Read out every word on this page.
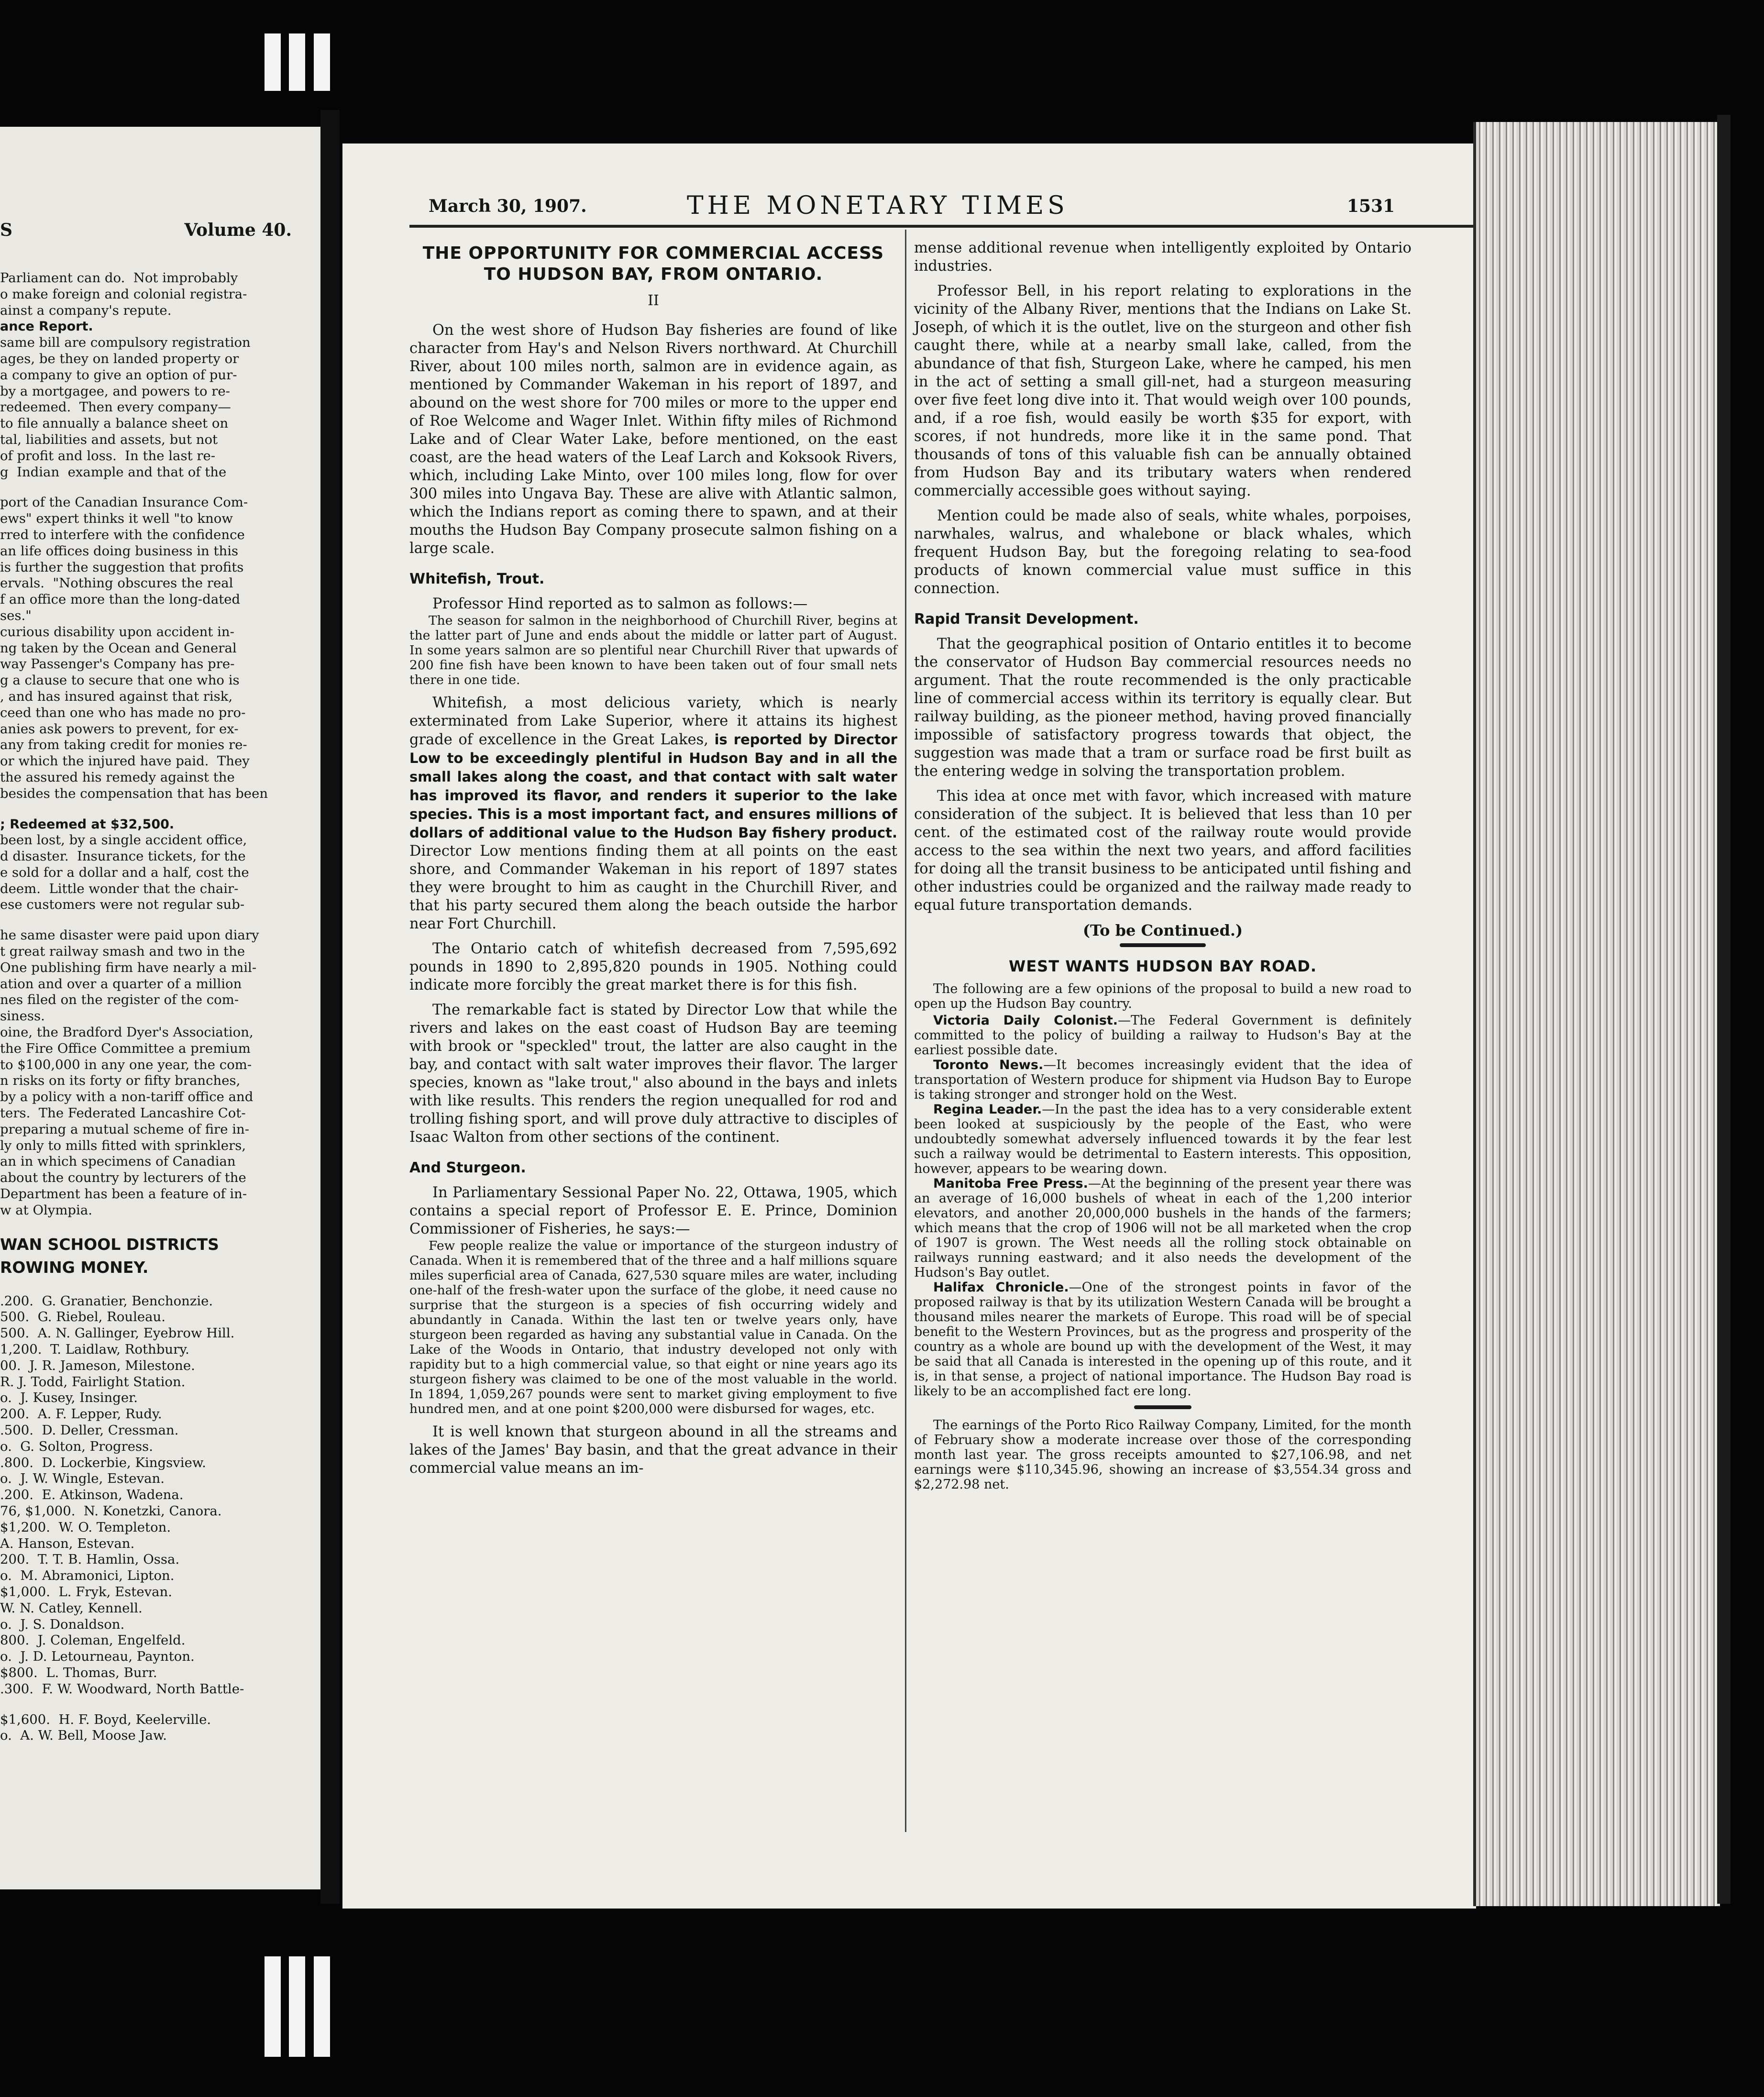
S	Volume 40.
Parliament can do.  Not improbably
o make foreign and colonial registra-
ainst a company's repute.
ance Report.
same bill are compulsory registration
ages, be they on landed property or
a company to give an option of pur-
by a mortgagee, and powers to re-
redeemed.  Then every company—
to file annually a balance sheet on
tal, liabilities and assets, but not
of profit and loss.  In the last re-
g  Indian  example and that of the
port of the Canadian Insurance Com-
ews" expert thinks it well "to know
rred to interfere with the confidence
an life offices doing business in this
is further the suggestion that profits
ervals.  "Nothing obscures the real
f an office more than the long-dated
ses."
curious disability upon accident in-
ng taken by the Ocean and General
way Passenger's Company has pre-
g a clause to secure that one who is
, and has insured against that risk,
ceed than one who has made no pro-
anies ask powers to prevent, for ex-
any from taking credit for monies re-
or which the injured have paid.  They
the assured his remedy against the
besides the compensation that has been
; Redeemed at $32,500.
been lost, by a single accident office,
d disaster.  Insurance tickets, for the
e sold for a dollar and a half, cost the
deem.  Little wonder that the chair-
ese customers were not regular sub-
he same disaster were paid upon diary
t great railway smash and two in the
One publishing firm have nearly a mil-
ation and over a quarter of a million
nes filed on the register of the com-
siness.
oine, the Bradford Dyer's Association,
the Fire Office Committee a premium
to $100,000 in any one year, the com-
n risks on its forty or fifty branches,
by a policy with a non-tariff office and
ters.  The Federated Lancashire Cot-
preparing a mutual scheme of fire in-
ly only to mills fitted with sprinklers,
an in which specimens of Canadian
about the country by lecturers of the
Department has been a feature of in-
w at Olympia.
WAN SCHOOL DISTRICTS
ROWING MONEY.
.200.  G. Granatier, Benchonzie.
500.  G. Riebel, Rouleau.
500.  A. N. Gallinger, Eyebrow Hill.
1,200.  T. Laidlaw, Rothbury.
00.  J. R. Jameson, Milestone.
R. J. Todd, Fairlight Station.
o.  J. Kusey, Insinger.
200.  A. F. Lepper, Rudy.
.500.  D. Deller, Cressman.
o.  G. Solton, Progress.
.800.  D. Lockerbie, Kingsview.
o.  J. W. Wingle, Estevan.
.200.  E. Atkinson, Wadena.
76, $1,000.  N. Konetzki, Canora.
$1,200.  W. O. Templeton.
A. Hanson, Estevan.
200.  T. T. B. Hamlin, Ossa.
o.  M. Abramonici, Lipton.
$1,000.  L. Fryk, Estevan.
W. N. Catley, Kennell.
o.  J. S. Donaldson.
800.  J. Coleman, Engelfeld.
o.  J. D. Letourneau, Paynton.
$800.  L. Thomas, Burr.
.300.  F. W. Woodward, North Battle-
$1,600.  H. F. Boyd, Keelerville.
o.  A. W. Bell, Moose Jaw.
March 30, 1907.	THE MONETARY TIMES	1531
THE OPPORTUNITY FOR COMMERCIAL ACCESS TO HUDSON BAY, FROM ONTARIO.
II

On the west shore of Hudson Bay fisheries are found of like character from Hay's and Nelson Rivers northward. At Churchill River, about 100 miles north, salmon are in evidence again, as mentioned by Commander Wakeman in his report of 1897, and abound on the west shore for 700 miles or more to the upper end of Roe Welcome and Wager Inlet. Within fifty miles of Richmond Lake and of Clear Water Lake, before mentioned, on the east coast, are the head waters of the Leaf Larch and Koksook Rivers, which, including Lake Minto, over 100 miles long, flow for over 300 miles into Ungava Bay. These are alive with Atlantic salmon, which the Indians report as coming there to spawn, and at their mouths the Hudson Bay Company prosecute salmon fishing on a large scale.

Whitefish, Trout.

Professor Hind reported as to salmon as follows:—

The season for salmon in the neighborhood of Churchill River, begins at the latter part of June and ends about the middle or latter part of August. In some years salmon are so plentiful near Churchill River that upwards of 200 fine fish have been known to have been taken out of four small nets there in one tide.

Whitefish, a most delicious variety, which is nearly exterminated from Lake Superior, where it attains its highest grade of excellence in the Great Lakes, is reported by Director Low to be exceedingly plentiful in Hudson Bay and in all the small lakes along the coast, and that contact with salt water has improved its flavor, and renders it superior to the lake species. This is a most important fact, and ensures millions of dollars of additional value to the Hudson Bay fishery product. Director Low mentions finding them at all points on the east shore, and Commander Wakeman in his report of 1897 states they were brought to him as caught in the Churchill River, and that his party secured them along the beach outside the harbor near Fort Churchill.

The Ontario catch of whitefish decreased from 7,595,692 pounds in 1890 to 2,895,820 pounds in 1905. Nothing could indicate more forcibly the great market there is for this fish.

The remarkable fact is stated by Director Low that while the rivers and lakes on the east coast of Hudson Bay are teeming with brook or "speckled" trout, the latter are also caught in the bay, and contact with salt water improves their flavor. The larger species, known as "lake trout," also abound in the bays and inlets with like results. This renders the region unequalled for rod and trolling fishing sport, and will prove duly attractive to disciples of Isaac Walton from other sections of the continent.

And Sturgeon.

In Parliamentary Sessional Paper No. 22, Ottawa, 1905, which contains a special report of Professor E. E. Prince, Dominion Commissioner of Fisheries, he says:—

Few people realize the value or importance of the sturgeon industry of Canada. When it is remembered that of the three and a half millions square miles superficial area of Canada, 627,530 square miles are water, including one-half of the fresh-water upon the surface of the globe, it need cause no surprise that the sturgeon is a species of fish occurring widely and abundantly in Canada. Within the last ten or twelve years only, have sturgeon been regarded as having any substantial value in Canada. On the Lake of the Woods in Ontario, that industry developed not only with rapidity but to a high commercial value, so that eight or nine years ago its sturgeon fishery was claimed to be one of the most valuable in the world. In 1894, 1,059,267 pounds were sent to market giving employment to five hundred men, and at one point $200,000 were disbursed for wages, etc.

It is well known that sturgeon abound in all the streams and lakes of the James' Bay basin, and that the great advance in their commercial value means an im-

mense additional revenue when intelligently exploited by Ontario industries.

Professor Bell, in his report relating to explorations in the vicinity of the Albany River, mentions that the Indians on Lake St. Joseph, of which it is the outlet, live on the sturgeon and other fish caught there, while at a nearby small lake, called, from the abundance of that fish, Sturgeon Lake, where he camped, his men in the act of setting a small gill-net, had a sturgeon measuring over five feet long dive into it. That would weigh over 100 pounds, and, if a roe fish, would easily be worth $35 for export, with scores, if not hundreds, more like it in the same pond. That thousands of tons of this valuable fish can be annually obtained from Hudson Bay and its tributary waters when rendered commercially accessible goes without saying.

Mention could be made also of seals, white whales, porpoises, narwhales, walrus, and whalebone or black whales, which frequent Hudson Bay, but the foregoing relating to sea-food products of known commercial value must suffice in this connection.

Rapid Transit Development.

That the geographical position of Ontario entitles it to become the conservator of Hudson Bay commercial resources needs no argument. That the route recommended is the only practicable line of commercial access within its territory is equally clear. But railway building, as the pioneer method, having proved financially impossible of satisfactory progress towards that object, the suggestion was made that a tram or surface road be first built as the entering wedge in solving the transportation problem.

This idea at once met with favor, which increased with mature consideration of the subject. It is believed that less than 10 per cent. of the estimated cost of the railway route would provide access to the sea within the next two years, and afford facilities for doing all the transit business to be anticipated until fishing and other industries could be organized and the railway made ready to equal future transportation demands.

(To be Continued.)
WEST WANTS HUDSON BAY ROAD.

The following are a few opinions of the proposal to build a new road to open up the Hudson Bay country.

Victoria Daily Colonist.—The Federal Government is definitely committed to the policy of building a railway to Hudson's Bay at the earliest possible date.

Toronto News.—It becomes increasingly evident that the idea of transportation of Western produce for shipment via Hudson Bay to Europe is taking stronger and stronger hold on the West.

Regina Leader.—In the past the idea has to a very considerable extent been looked at suspiciously by the people of the East, who were undoubtedly somewhat adversely influenced towards it by the fear lest such a railway would be detrimental to Eastern interests. This opposition, however, appears to be wearing down.

Manitoba Free Press.—At the beginning of the present year there was an average of 16,000 bushels of wheat in each of the 1,200 interior elevators, and another 20,000,000 bushels in the hands of the farmers; which means that the crop of 1906 will not be all marketed when the crop of 1907 is grown. The West needs all the rolling stock obtainable on railways running eastward; and it also needs the development of the Hudson's Bay outlet.

Halifax Chronicle.—One of the strongest points in favor of the proposed railway is that by its utilization Western Canada will be brought a thousand miles nearer the markets of Europe. This road will be of special benefit to the Western Provinces, but as the progress and prosperity of the country as a whole are bound up with the development of the West, it may be said that all Canada is interested in the opening up of this route, and it is, in that sense, a project of national importance. The Hudson Bay road is likely to be an accomplished fact ere long.

The earnings of the Porto Rico Railway Company, Limited, for the month of February show a moderate increase over those of the corresponding month last year. The gross receipts amounted to $27,106.98, and net earnings were $110,345.96, showing an increase of $3,554.34 gross and $2,272.98 net.
